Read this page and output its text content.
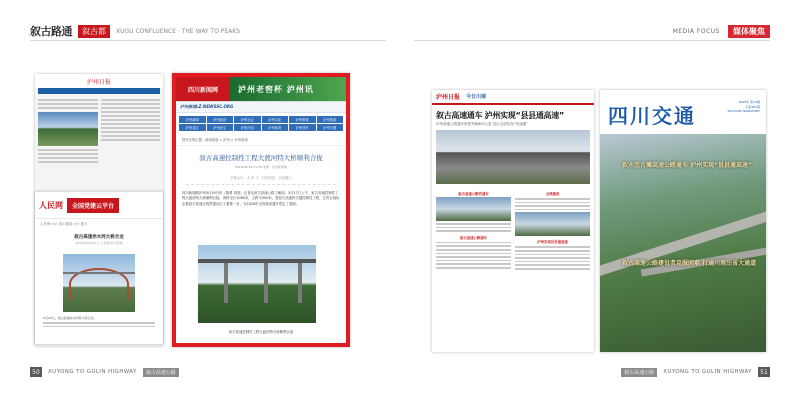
叙古路通	叙古都	XUGU CONFLUENCE · THE WAY TO PEAKS	MEDIA FOCUS	媒体聚焦
泸州日报
人民网	全国党建云平台
人民网 >> 四川频道 >> 地方
叙古高速赤水河大桥合龙
2018年03月21日 人民网-四川频道
3月20日，叙古高速赤水河特大桥合龙。
四川新闻网	泸州老窖杯 泸州讯
泸州频道LZ.NEWSSC.ORG
泸州新闻	泸州经济	泸州社会	泸州文化	泸州教育	泸州旅游
泸州县区	泸州民生	泸州法治	泸州体育	泸州图片	泸州专题
您所在的位置：新闻频道 > 泸州 > 泸州新闻
叙古高速控制性工程大渡河特大桥顺利合拢
2018-03-19 11:50 来源：四川新闻网
字体大小：大 中 小　打印本页　关闭窗口
四川新闻网泸州3月19日讯（陈勇 刘波）记者从叙古高速公路了解到，3月17日上午，叙古高速控制性工程大渡河特大桥顺利合拢。该桥全长1060米，主跨为300米，是叙古高速的关键控制性工程，它的合拢标志着叙古高速全线贯通迈出了重要一步，为2018年全线建成通车奠定了基础。
叙古高速控制性工程大渡河特大桥顺利合拢
泸州日报 今日川南
叙古高速通车 泸州实现“县县通高速”
泸州高速公路通车里程突破605公里 县区全部实现“快速通”
叙古高速公路的通车
叙古高速公路通车
全线建成
泸州实现县县通高速
四川交通
2018年 第12期
总第381期
SICHUAN TRANSPORT
叙永至古蔺高速公路通车 泸州实现“县县通高速”
叙古高速公路建设者克服困难 打通川南出省大通道
50	XUYONG TO GULIN HIGHWAY	叙古高速公路	叙古高速公路	XUYONG TO GULIN HIGHWAY	51
